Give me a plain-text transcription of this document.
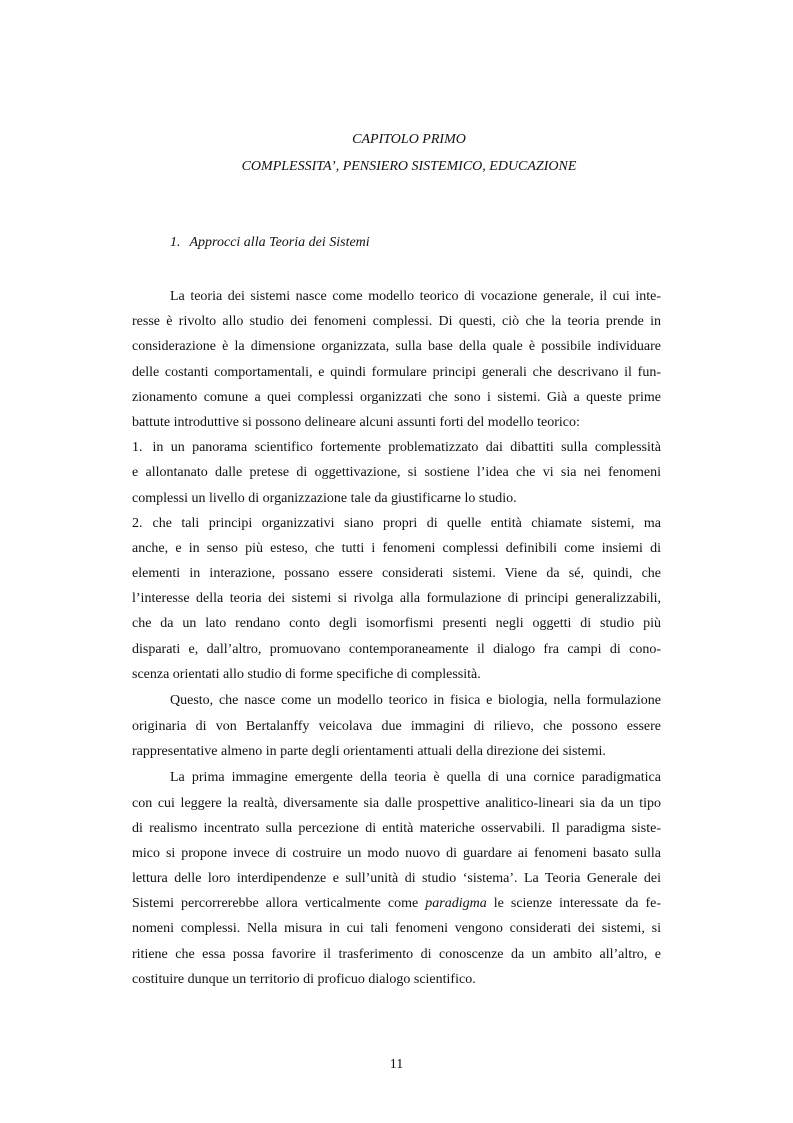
CAPITOLO PRIMO
COMPLESSITA’, PENSIERO SISTEMICO, EDUCAZIONE
1. Approcci alla Teoria dei Sistemi
La teoria dei sistemi nasce come modello teorico di vocazione generale, il cui inte-
resse è rivolto allo studio dei fenomeni complessi. Di questi, ciò che la teoria prende in
considerazione è la dimensione organizzata, sulla base della quale è possibile individuare
delle costanti comportamentali, e quindi formulare principi generali che descrivano il fun-
zionamento comune a quei complessi organizzati che sono i sistemi. Già a queste prime
battute introduttive si possono delineare alcuni assunti forti del modello teorico:
1. in un panorama scientifico fortemente problematizzato dai dibattiti sulla complessità
e allontanato dalle pretese di oggettivazione, si sostiene l’idea che vi sia nei fenomeni
complessi un livello di organizzazione tale da giustificarne lo studio.
2. che tali principi organizzativi siano propri di quelle entità chiamate sistemi, ma
anche, e in senso più esteso, che tutti i fenomeni complessi definibili come insiemi di
elementi in interazione, possano essere considerati sistemi. Viene da sé, quindi, che
l’interesse della teoria dei sistemi si rivolga alla formulazione di principi generalizzabili,
che da un lato rendano conto degli isomorfismi presenti negli oggetti di studio più
disparati e, dall’altro, promuovano contemporaneamente il dialogo fra campi di cono-
scenza orientati allo studio di forme specifiche di complessità.
Questo, che nasce come un modello teorico in fisica e biologia, nella formulazione
originaria di von Bertalanffy veicolava due immagini di rilievo, che possono essere
rappresentative almeno in parte degli orientamenti attuali della direzione dei sistemi.
La prima immagine emergente della teoria è quella di una cornice paradigmatica
con cui leggere la realtà, diversamente sia dalle prospettive analitico-lineari sia da un tipo
di realismo incentrato sulla percezione di entità materiche osservabili. Il paradigma siste-
mico si propone invece di costruire un modo nuovo di guardare ai fenomeni basato sulla
lettura delle loro interdipendenze e sull’unità di studio ‘sistema’. La Teoria Generale dei
Sistemi percorrerebbe allora verticalmente come paradigma le scienze interessate da fe-
nomeni complessi. Nella misura in cui tali fenomeni vengono considerati dei sistemi, si
ritiene che essa possa favorire il trasferimento di conoscenze da un ambito all’altro, e
costituire dunque un territorio di proficuo dialogo scientifico.

11
